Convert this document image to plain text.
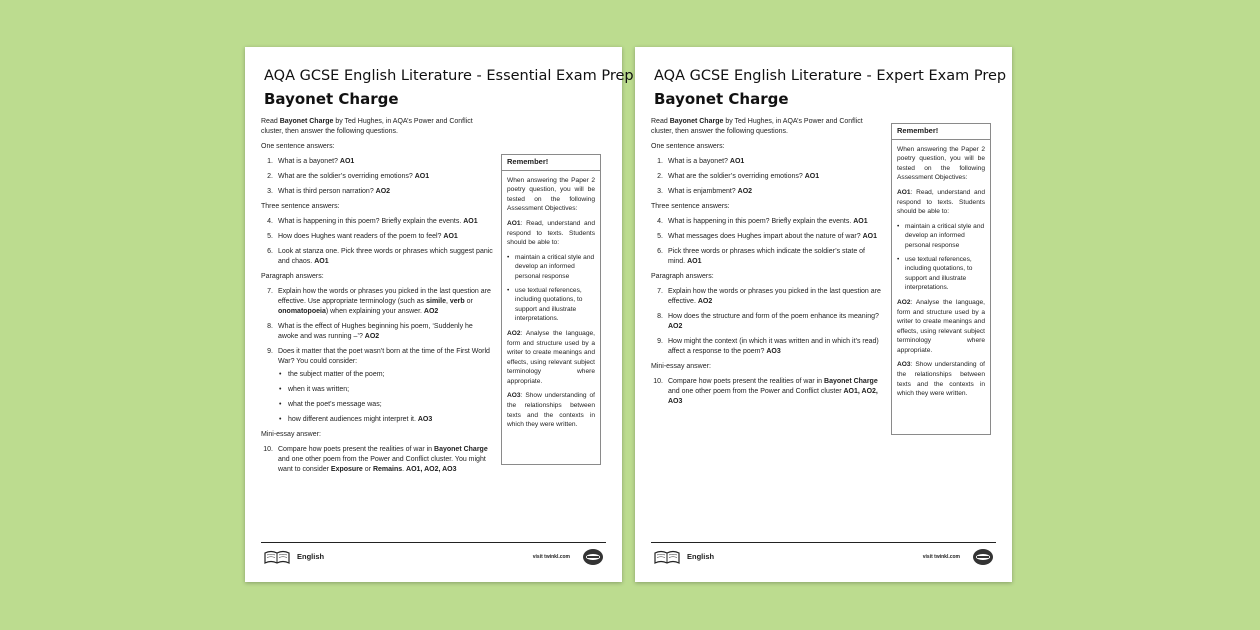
AQA GCSE English Literature - Essential Exam Prep
Bayonet Charge

Read Bayonet Charge by Ted Hughes, in AQA’s Power and Conflict cluster, then answer the following questions.

One sentence answers:

1. What is a bayonet? AO1
2. What are the soldier’s overriding emotions? AO1
3. What is third person narration? AO2

Three sentence answers:

4. What is happening in this poem? Briefly explain the events. AO1
5. How does Hughes want readers of the poem to feel? AO1
6. Look at stanza one. Pick three words or phrases which suggest panic and chaos. AO1

Paragraph answers:

7. Explain how the words or phrases you picked in the last question are effective. Use appropriate terminology (such as simile, verb or onomatopoeia) when explaining your answer. AO2
8. What is the effect of Hughes beginning his poem, ‘Suddenly he awoke and was running –’? AO2
9. Does it matter that the poet wasn’t born at the time of the First World War? You could consider:
• the subject matter of the poem;
• when it was written;
• what the poet’s message was;
• how different audiences might interpret it. AO3

Mini-essay answer:

10. Compare how poets present the realities of war in Bayonet Charge and one other poem from the Power and Conflict cluster. You might want to consider Exposure or Remains. AO1, AO2, AO3
Remember!

When answering the Paper 2 poetry question, you will be tested on the following Assessment Objectives:

AO1: Read, understand and respond to texts. Students should be able to:

• maintain a critical style and develop an informed personal response
• use textual references, including quotations, to support and illustrate interpretations.

AO2: Analyse the language, form and structure used by a writer to create meanings and effects, using relevant subject terminology where appropriate.

AO3: Show understanding of the relationships between texts and the contexts in which they were written.

English	visit twinkl.com
AQA GCSE English Literature - Expert Exam Prep
Bayonet Charge

Read Bayonet Charge by Ted Hughes, in AQA’s Power and Conflict cluster, then answer the following questions.

One sentence answers:

1. What is a bayonet? AO1
2. What are the soldier’s overriding emotions? AO1
3. What is enjambment? AO2

Three sentence answers:

4. What is happening in this poem? Briefly explain the events. AO1
5. What messages does Hughes impart about the nature of war? AO1
6. Pick three words or phrases which indicate the soldier’s state of mind. AO1

Paragraph answers:

7. Explain how the words or phrases you picked in the last question are effective. AO2
8. How does the structure and form of the poem enhance its meaning? AO2
9. How might the context (in which it was written and in which it’s read) affect a response to the poem? AO3

Mini-essay answer:

10. Compare how poets present the realities of war in Bayonet Charge and one other poem from the Power and Conflict cluster AO1, AO2, AO3
Remember!

When answering the Paper 2 poetry question, you will be tested on the following Assessment Objectives:

AO1: Read, understand and respond to texts. Students should be able to:

• maintain a critical style and develop an informed personal response
• use textual references, including quotations, to support and illustrate interpretations.

AO2: Analyse the language, form and structure used by a writer to create meanings and effects, using relevant subject terminology where appropriate.

AO3: Show understanding of the relationships between texts and the contexts in which they were written.

English	visit twinkl.com
